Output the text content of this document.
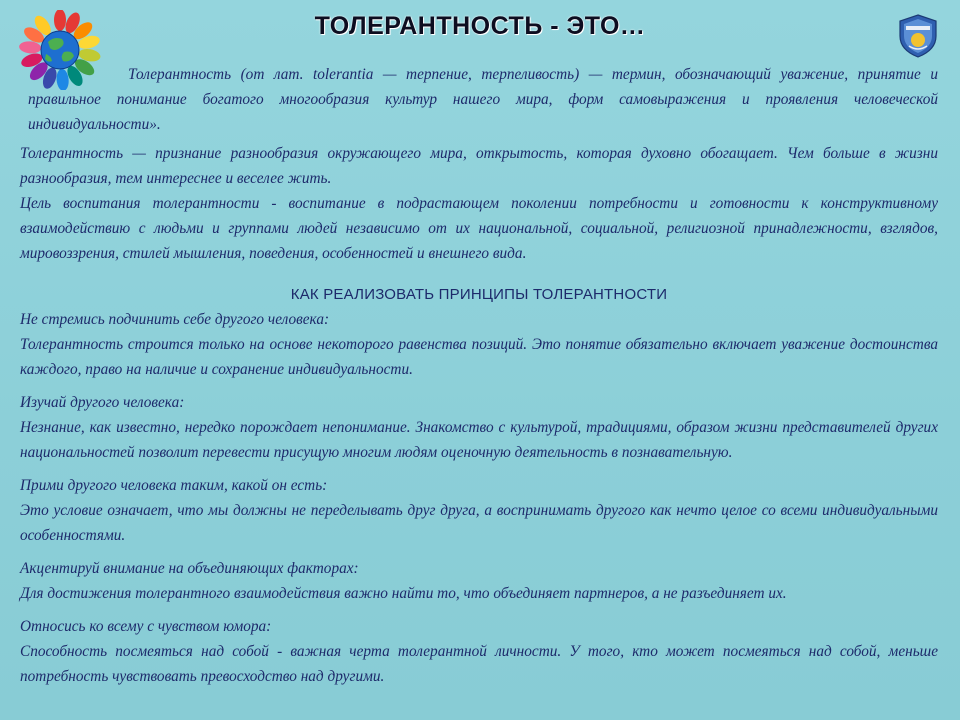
ТОЛЕРАНТНОСТЬ - ЭТО…

Толерантность (от лат. tolerantia — терпение, терпеливость) — термин, обозначающий уважение, принятие и правильное понимание богатого многообразия культур нашего мира, форм самовыражения и проявления человеческой индивидуальности».

Толерантность — признание разнообразия окружающего мира, открытость, которая духовно обогащает. Чем больше в жизни разнообразия, тем интереснее и веселее жить.

Цель воспитания толерантности - воспитание в подрастающем поколении потребности и готовности к конструктивному взаимодействию с людьми и группами людей независимо от их национальной, социальной, религиозной принадлежности, взглядов, мировоззрения, стилей мышления, поведения, особенностей и внешнего вида.

КАК РЕАЛИЗОВАТЬ ПРИНЦИПЫ ТОЛЕРАНТНОСТИ

Не стремись подчинить себе другого человека:

Толерантность строится только на основе некоторого равенства позиций. Это понятие обязательно включает уважение достоинства каждого, право на наличие и сохранение индивидуальности.

Изучай другого человека:

Незнание, как известно, нередко порождает непонимание. Знакомство с культурой, традициями, образом жизни представителей других национальностей позволит перевести присущую многим людям оценочную деятельность в познавательную.

Прими другого человека таким, какой он есть:

Это условие означает, что мы должны не переделывать друг друга, а воспринимать другого как нечто целое со всеми индивидуальными особенностями.

Акцентируй внимание на объединяющих факторах:

Для достижения толерантного взаимодействия важно найти то, что объединяет партнеров, а не разъединяет их.

Относись ко всему с чувством юмора:

Способность посмеяться над собой - важная черта толерантной личности. У того, кто может посмеяться над собой, меньше потребность чувствовать превосходство над другими.
